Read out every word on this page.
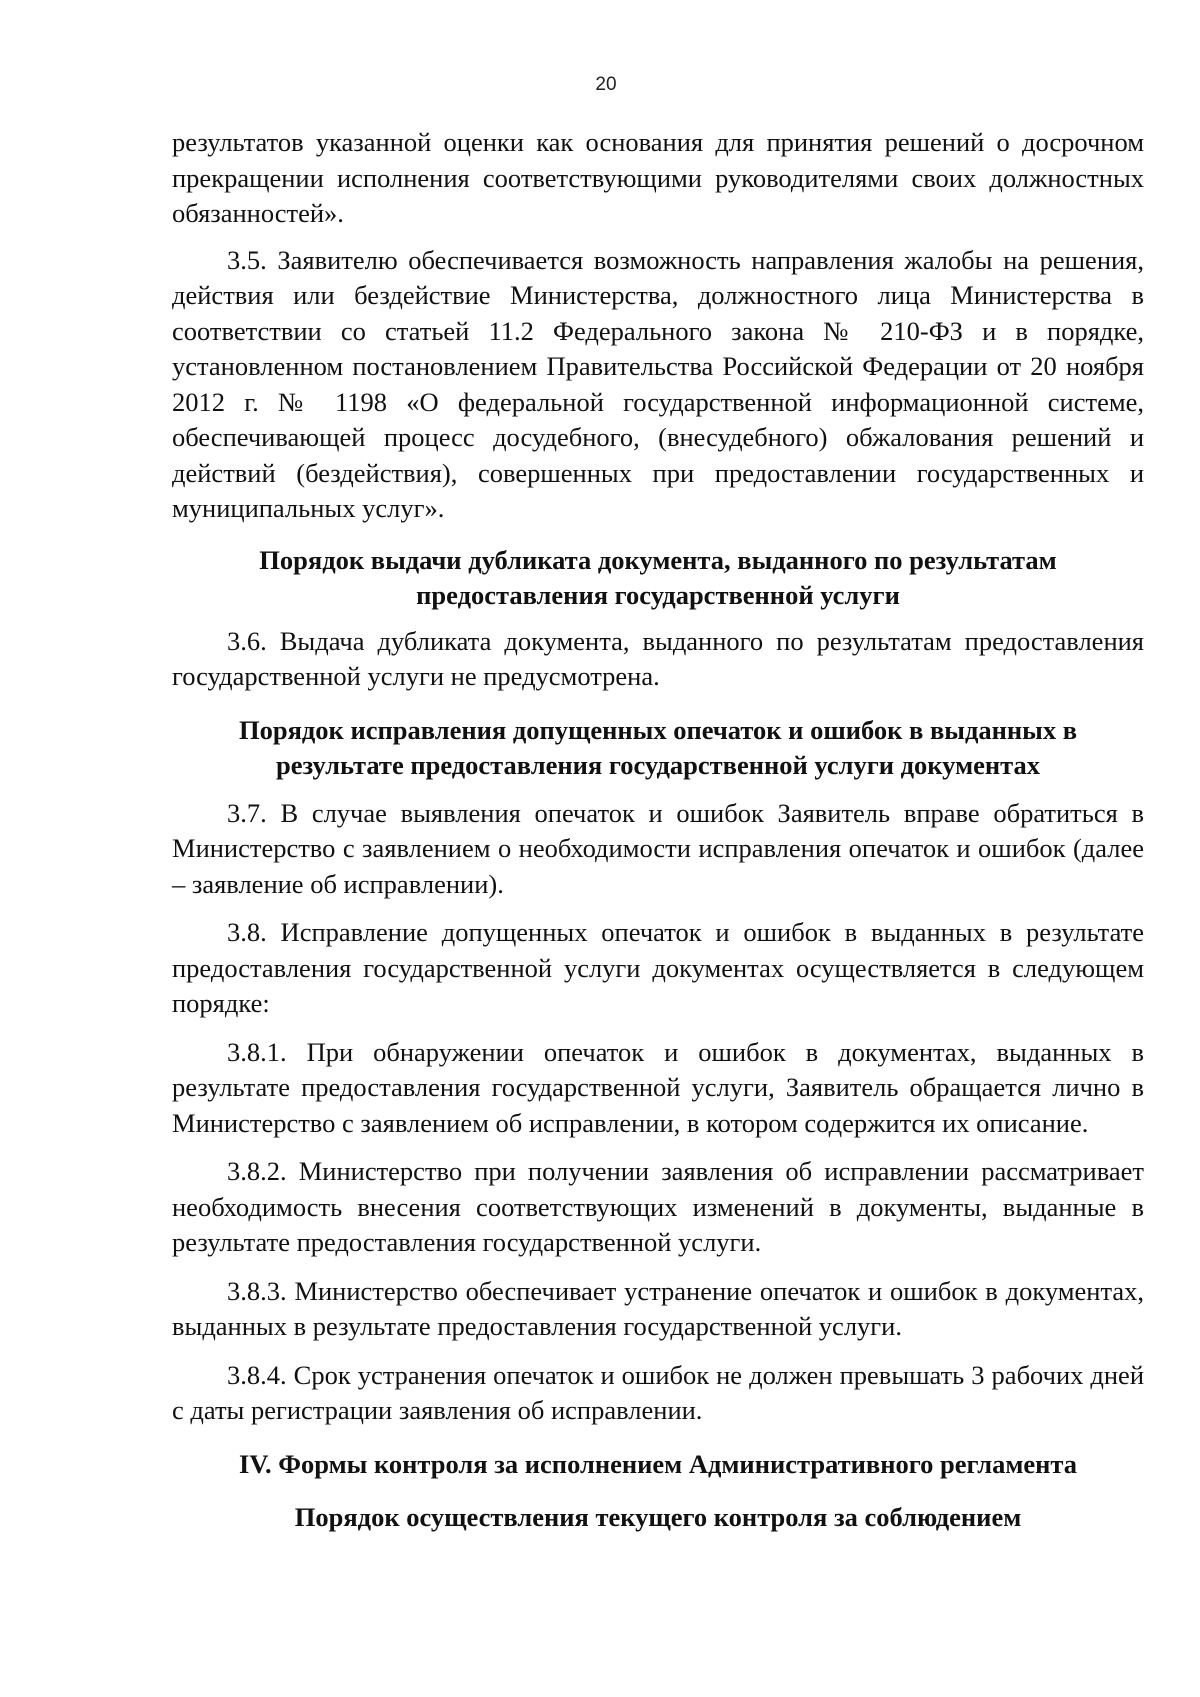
20

результатов указанной оценки как основания для принятия решений о досрочном прекращении исполнения соответствующими руководителями своих должностных обязанностей».

3.5. Заявителю обеспечивается возможность направления жалобы на решения, действия или бездействие Министерства, должностного лица Министерства в соответствии со статьей 11.2 Федерального закона № 210-ФЗ и в порядке, установленном постановлением Правительства Российской Федерации от 20 ноября 2012 г. № 1198 «О федеральной государственной информационной системе, обеспечивающей процесс досудебного, (внесудебного) обжалования решений и действий (бездействия), совершенных при предоставлении государственных и муниципальных услуг».

Порядок выдачи дубликата документа, выданного по результатам
предоставления государственной услуги

3.6. Выдача дубликата документа, выданного по результатам предоставления государственной услуги не предусмотрена.

Порядок исправления допущенных опечаток и ошибок в выданных в
результате предоставления государственной услуги документах

3.7. В случае выявления опечаток и ошибок Заявитель вправе обратиться в Министерство с заявлением о необходимости исправления опечаток и ошибок (далее – заявление об исправлении).

3.8. Исправление допущенных опечаток и ошибок в выданных в результате предоставления государственной услуги документах осуществляется в следующем порядке:

3.8.1. При обнаружении опечаток и ошибок в документах, выданных в результате предоставления государственной услуги, Заявитель обращается лично в Министерство с заявлением об исправлении, в котором содержится их описание.

3.8.2. Министерство при получении заявления об исправлении рассматривает необходимость внесения соответствующих изменений в документы, выданные в результате предоставления государственной услуги.

3.8.3. Министерство обеспечивает устранение опечаток и ошибок в документах, выданных в результате предоставления государственной услуги.

3.8.4. Срок устранения опечаток и ошибок не должен превышать 3 рабочих дней с даты регистрации заявления об исправлении.

IV. Формы контроля за исполнением Административного регламента
Порядок осуществления текущего контроля за соблюдением
